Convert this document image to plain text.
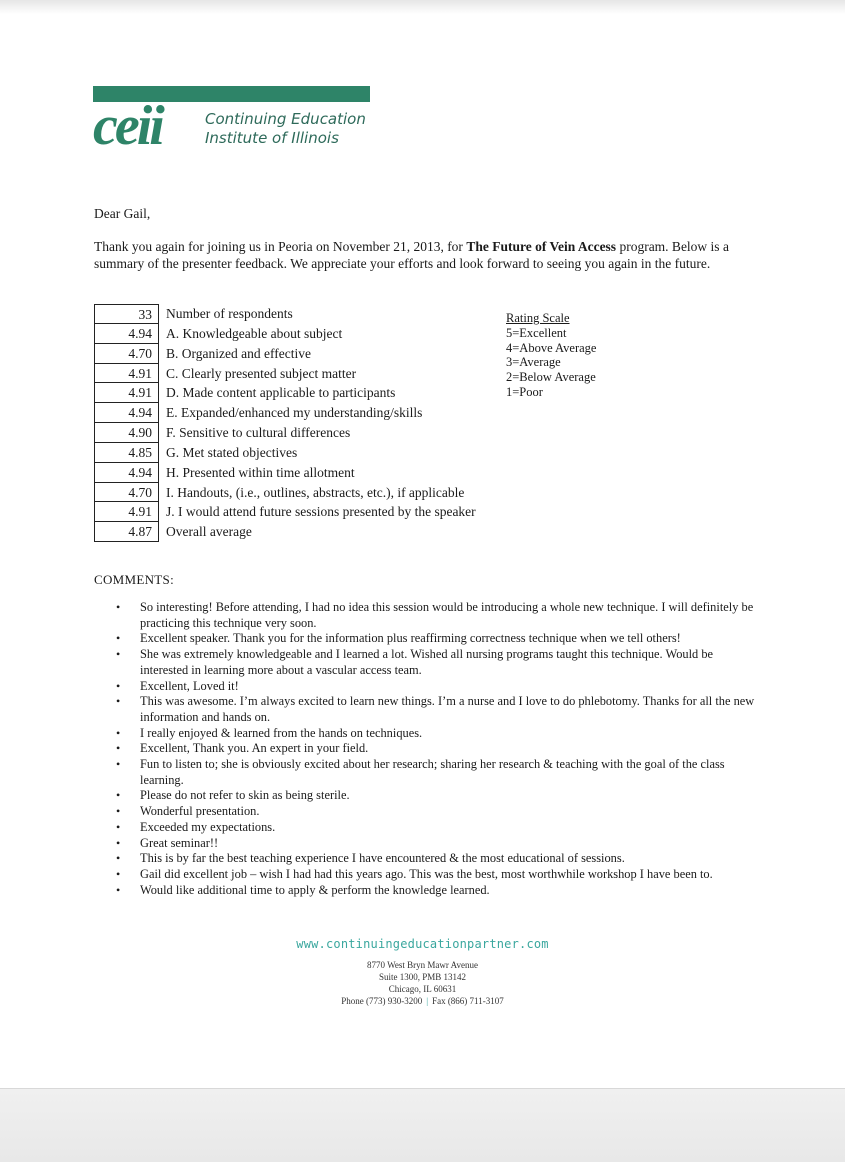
ceii	Continuing Education
Institute of Illinois
Dear Gail,
Thank you again for joining us in Peoria on November 21, 2013, for The Future of Vein Access program. Below is a summary of the presenter feedback. We appreciate your efforts and look forward to seeing you again in the future.
33	Number of respondents
4.94	A. Knowledgeable about subject
4.70	B. Organized and effective
4.91	C. Clearly presented subject matter
4.91	D. Made content applicable to participants
4.94	E. Expanded/enhanced my understanding/skills
4.90	F. Sensitive to cultural differences
4.85	G. Met stated objectives
4.94	H. Presented within time allotment
4.70	I. Handouts, (i.e., outlines, abstracts, etc.), if applicable
4.91	J. I would attend future sessions presented by the speaker
4.87	Overall average
Rating Scale
5=Excellent
4=Above Average
3=Average
2=Below Average
1=Poor
COMMENTS:
• So interesting! Before attending, I had no idea this session would be introducing a whole new technique. I will definitely be practicing this technique very soon.
• Excellent speaker. Thank you for the information plus reaffirming correctness technique when we tell others!
• She was extremely knowledgeable and I learned a lot. Wished all nursing programs taught this technique. Would be interested in learning more about a vascular access team.
• Excellent, Loved it!
• This was awesome. I’m always excited to learn new things. I’m a nurse and I love to do phlebotomy. Thanks for all the new information and hands on.
• I really enjoyed & learned from the hands on techniques.
• Excellent, Thank you. An expert in your field.
• Fun to listen to; she is obviously excited about her research; sharing her research & teaching with the goal of the class learning.
• Please do not refer to skin as being sterile.
• Wonderful presentation.
• Exceeded my expectations.
• Great seminar!!
• This is by far the best teaching experience I have encountered & the most educational of sessions.
• Gail did excellent job – wish I had had this years ago. This was the best, most worthwhile workshop I have been to.
• Would like additional time to apply & perform the knowledge learned.
www.continuingeducationpartner.com
8770 West Bryn Mawr Avenue
Suite 1300, PMB 13142
Chicago, IL 60631
Phone (773) 930-3200 | Fax (866) 711-3107
